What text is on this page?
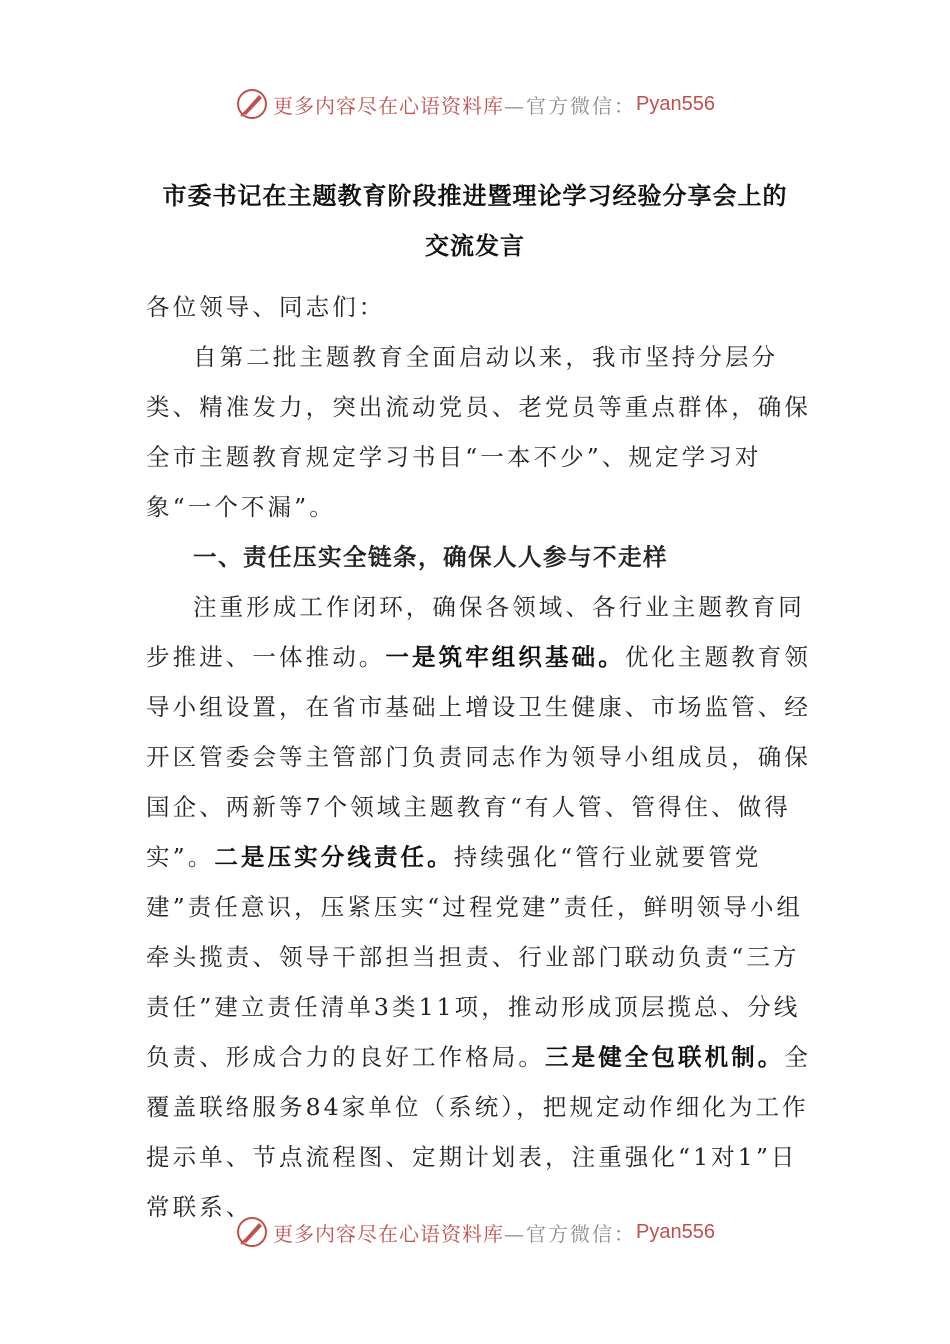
更多内容尽在心语资料库 —官方微信： Pyan556
市委书记在主题教育阶段推进暨理论学习经验分享会上的
交流发言

各位领导、同志们：

自第二批主题教育全面启动以来，我市坚持分层分类、精准发力，突出流动党员、老党员等重点群体，确保全市主题教育规定学习书目“一本不少”、规定学习对象“一个不漏”。

一、责任压实全链条，确保人人参与不走样

注重形成工作闭环，确保各领域、各行业主题教育同步推进、一体推动。一是筑牢组织基础。优化主题教育领导小组设置，在省市基础上增设卫生健康、市场监管、经开区管委会等主管部门负责同志作为领导小组成员，确保国企、两新等7个领域主题教育“有人管、管得住、做得实”。二是压实分线责任。持续强化“管行业就要管党建”责任意识，压紧压实“过程党建”责任，鲜明领导小组牵头揽责、领导干部担当担责、行业部门联动负责“三方责任”建立责任清单3类11项，推动形成顶层揽总、分线负责、形成合力的良好工作格局。三是健全包联机制。全覆盖联络服务84家单位（系统），把规定动作细化为工作提示单、节点流程图、定期计划表，注重强化“1对1”日常联系、

更多内容尽在心语资料库 —官方微信： Pyan556
